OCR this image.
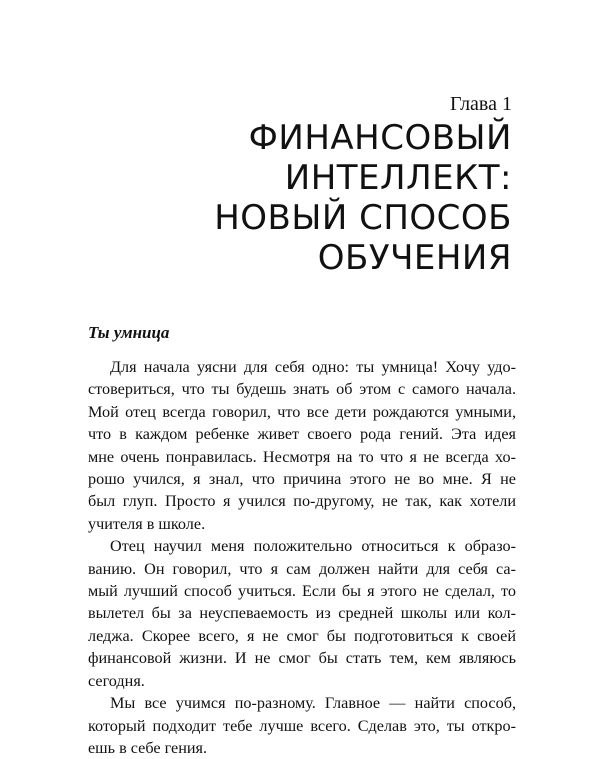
Глава 1
ФИНАНСОВЫЙ
ИНТЕЛЛЕКТ:
НОВЫЙ СПОСОБ
ОБУЧЕНИЯ
Ты умница
Для начала уясни для себя одно: ты умница! Хочу удо-
стовериться, что ты будешь знать об этом с самого начала.
Мой отец всегда говорил, что все дети рождаются умными,
что в каждом ребенке живет своего рода гений. Эта идея
мне очень понравилась. Несмотря на то что я не всегда хо-
рошо учился, я знал, что причина этого не во мне. Я не
был глуп. Просто я учился по-другому, не так, как хотели
учителя в школе.
Отец научил меня положительно относиться к образо-
ванию. Он говорил, что я сам должен найти для себя са-
мый лучший способ учиться. Если бы я этого не сделал, то
вылетел бы за неуспеваемость из средней школы или кол-
леджа. Скорее всего, я не смог бы подготовиться к своей
финансовой жизни. И не смог бы стать тем, кем являюсь
сегодня.
Мы все учимся по-разному. Главное — найти способ,
который подходит тебе лучше всего. Сделав это, ты откро-
ешь в себе гения.
